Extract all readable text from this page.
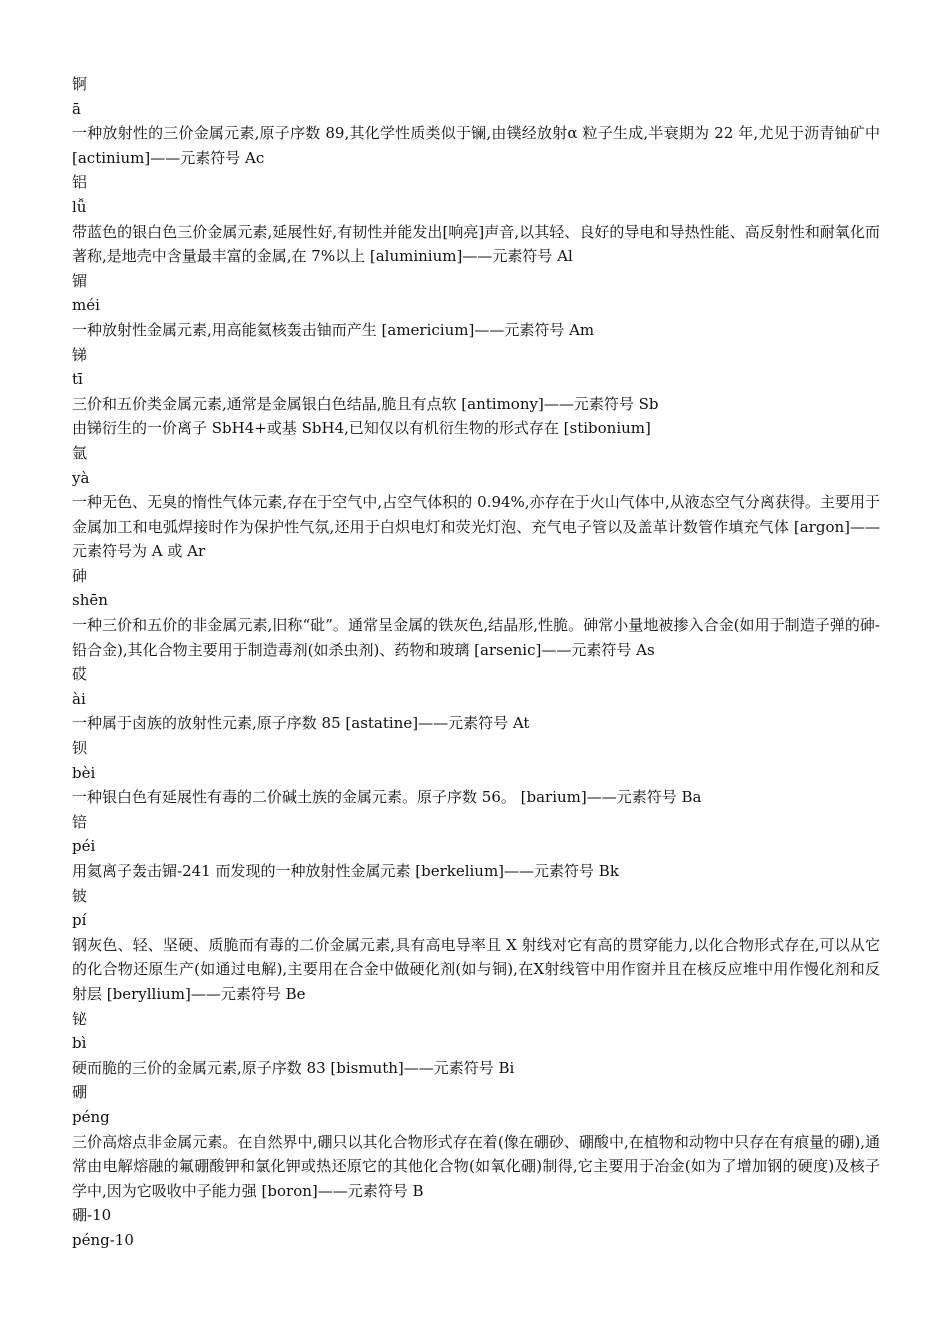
锕

ā

一种放射性的三价金属元素,原子序数 89,其化学性质类似于镧,由镤经放射α 粒子生成,半衰期为 22 年,尤见于沥青铀矿中 [actinium]——元素符号 Ac

铝

lǚ

带蓝色的银白色三价金属元素,延展性好,有韧性并能发出[响亮]声音,以其轻、良好的导电和导热性能、高反射性和耐氧化而著称,是地壳中含量最丰富的金属,在 7%以上 [aluminium]——元素符号 Al

镅

méi

一种放射性金属元素,用高能氦核轰击铀而产生 [americium]——元素符号 Am

锑

tī

三价和五价类金属元素,通常是金属银白色结晶,脆且有点软 [antimony]——元素符号 Sb

由锑衍生的一价离子 SbH4+或基 SbH4,已知仅以有机衍生物的形式存在 [stibonium]

氩

yà

一种无色、无臭的惰性气体元素,存在于空气中,占空气体积的 0.94%,亦存在于火山气体中,从液态空气分离获得。主要用于金属加工和电弧焊接时作为保护性气氛,还用于白炽电灯和荧光灯泡、充气电子管以及盖革计数管作填充气体 [argon]——元素符号为 A 或 Ar

砷

shēn

一种三价和五价的非金属元素,旧称“砒”。通常呈金属的铁灰色,结晶形,性脆。砷常小量地被掺入合金(如用于制造子弹的砷-铅合金),其化合物主要用于制造毒剂(如杀虫剂)、药物和玻璃 [arsenic]——元素符号 As

砹

ài

一种属于卤族的放射性元素,原子序数 85 [astatine]——元素符号 At

钡

bèi

一种银白色有延展性有毒的二价碱土族的金属元素。原子序数 56。 [barium]——元素符号 Ba

锫

péi

用氦离子轰击镅-241 而发现的一种放射性金属元素 [berkelium]——元素符号 Bk

铍

pí

钢灰色、轻、坚硬、质脆而有毒的二价金属元素,具有高电导率且 X 射线对它有高的贯穿能力,以化合物形式存在,可以从它的化合物还原生产(如通过电解),主要用在合金中做硬化剂(如与铜),在X射线管中用作窗并且在核反应堆中用作慢化剂和反射层 [beryllium]——元素符号 Be

铋

bì

硬而脆的三价的金属元素,原子序数 83 [bismuth]——元素符号 Bi

硼

péng

三价高熔点非金属元素。在自然界中,硼只以其化合物形式存在着(像在硼砂、硼酸中,在植物和动物中只存在有痕量的硼),通常由电解熔融的氟硼酸钾和氯化钾或热还原它的其他化合物(如氧化硼)制得,它主要用于冶金(如为了增加钢的硬度)及核子学中,因为它吸收中子能力强 [boron]——元素符号 B

硼-10

péng-10
